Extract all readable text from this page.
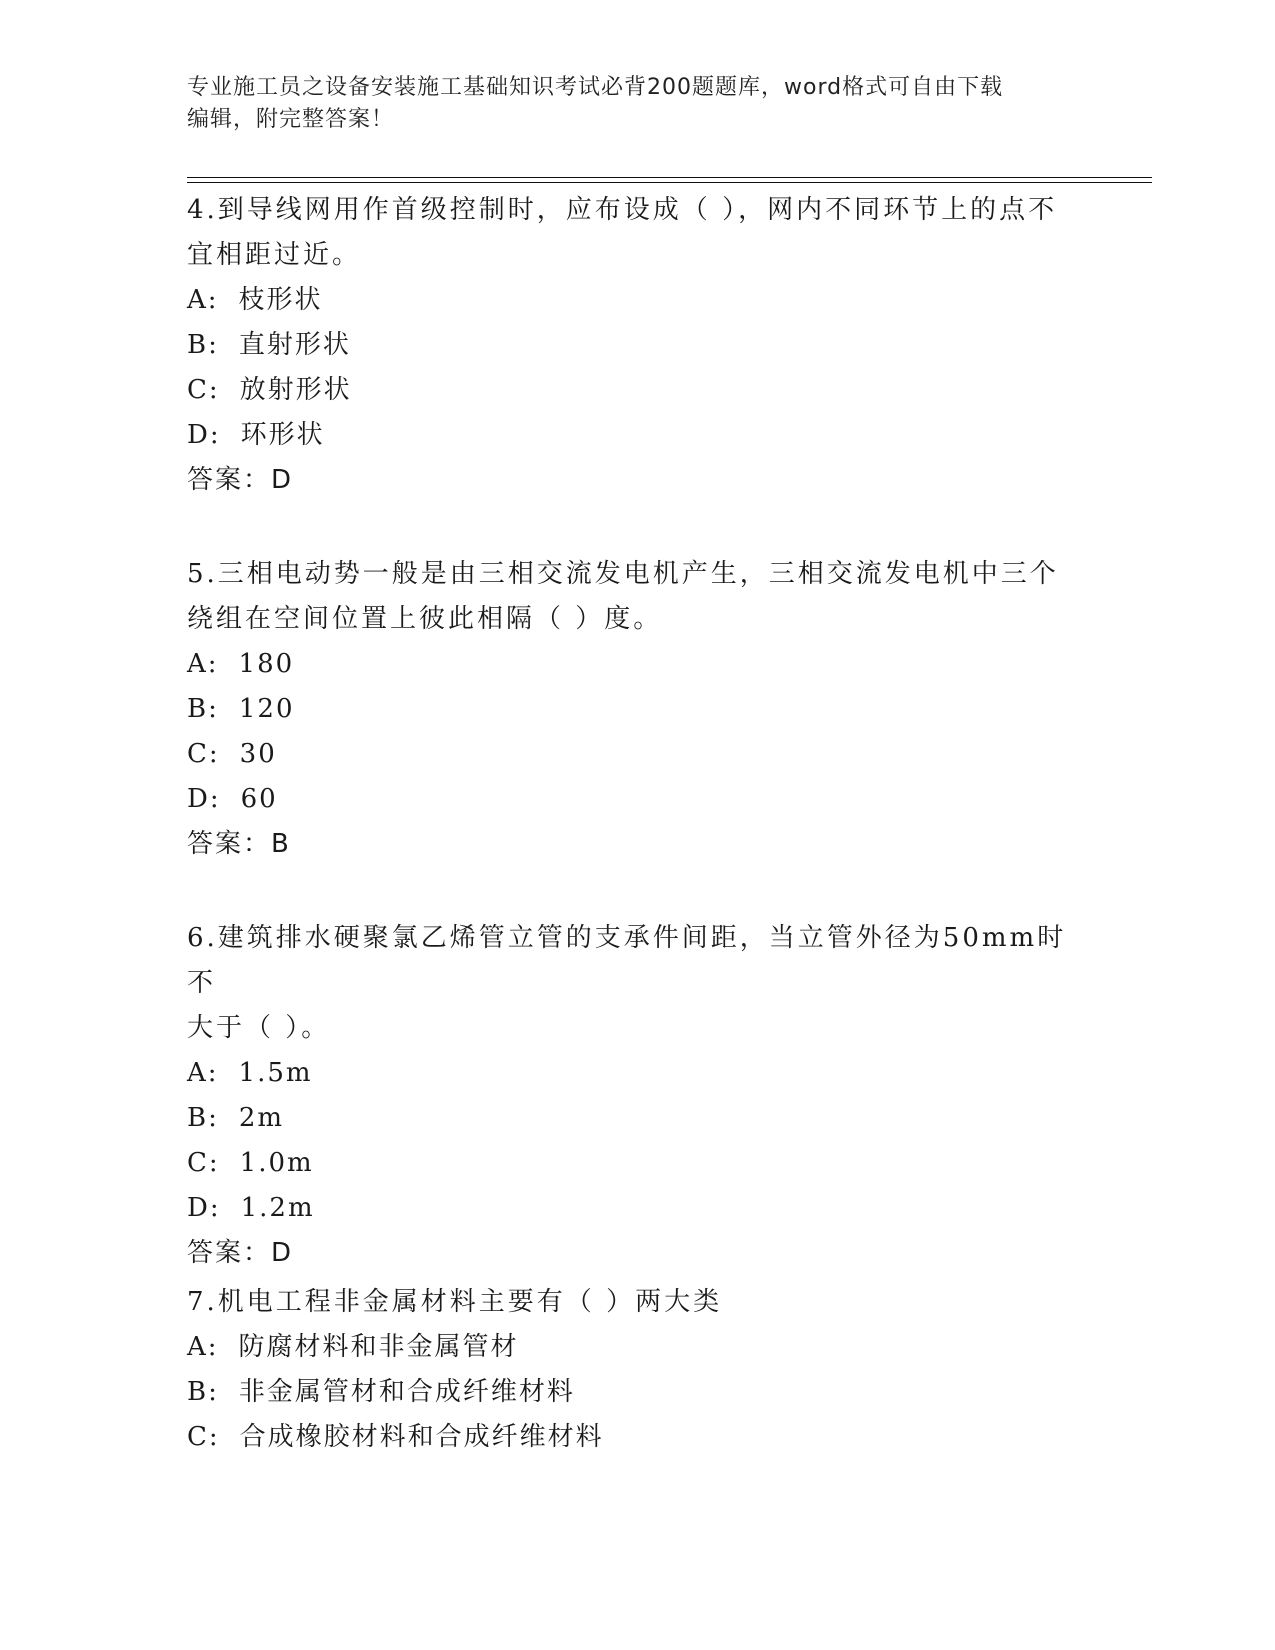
专业施工员之设备安装施工基础知识考试必背200题题库，word格式可自由下载
编辑，附完整答案！

4.到导线网用作首级控制时，应布设成（ ），网内不同环节上的点不

宜相距过近。

A: 枝形状

B: 直射形状

C: 放射形状

D: 环形状

答案：D

5.三相电动势一般是由三相交流发电机产生，三相交流发电机中三个

绕组在空间位置上彼此相隔（ ）度。

A: 180

B: 120

C: 30

D: 60

答案：B

6.建筑排水硬聚氯乙烯管立管的支承件间距，当立管外径为50mm时不

大于（ ）。

A: 1.5m

B: 2m

C: 1.0m

D: 1.2m

答案：D

7.机电工程非金属材料主要有（ ）两大类

A: 防腐材料和非金属管材

B: 非金属管材和合成纤维材料

C: 合成橡胶材料和合成纤维材料
